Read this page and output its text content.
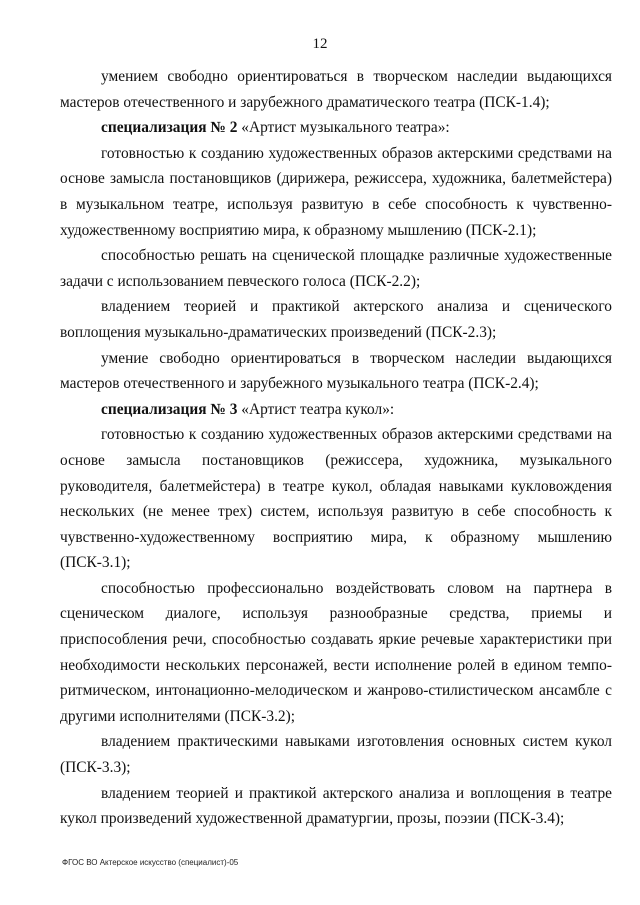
12

умением свободно ориентироваться в творческом наследии выдающихся мастеров отечественного и зарубежного драматического театра (ПСК-1.4);

специализация № 2 «Артист музыкального театра»:

готовностью к созданию художественных образов актерскими средствами на основе замысла постановщиков (дирижера, режиссера, художника, балетмейстера) в музыкальном театре, используя развитую в себе способность к чувственно-художественному восприятию мира, к образному мышлению (ПСК-2.1);

способностью решать на сценической площадке различные художественные задачи с использованием певческого голоса (ПСК-2.2);

владением теорией и практикой актерского анализа и сценического воплощения музыкально-драматических произведений (ПСК-2.3);

умение свободно ориентироваться в творческом наследии выдающихся мастеров отечественного и зарубежного музыкального театра (ПСК-2.4);

специализация № 3 «Артист театра кукол»:

готовностью к созданию художественных образов актерскими средствами на основе замысла постановщиков (режиссера, художника, музыкального руководителя, балетмейстера) в театре кукол, обладая навыками кукловождения нескольких (не менее трех) систем, используя развитую в себе способность к чувственно-художественному восприятию мира, к образному мышлению (ПСК-3.1);

способностью профессионально воздействовать словом на партнера в сценическом диалоге, используя разнообразные средства, приемы и приспособления речи, способностью создавать яркие речевые характеристики при необходимости нескольких персонажей, вести исполнение ролей в едином темпо-ритмическом, интонационно-мелодическом и жанрово-стилистическом ансамбле с другими исполнителями (ПСК-3.2);

владением практическими навыками изготовления основных систем кукол (ПСК-3.3);

владением теорией и практикой актерского анализа и воплощения в театре кукол произведений художественной драматургии, прозы, поэзии (ПСК-3.4);

ФГОС ВО Актерское искусство (специалист)-05
